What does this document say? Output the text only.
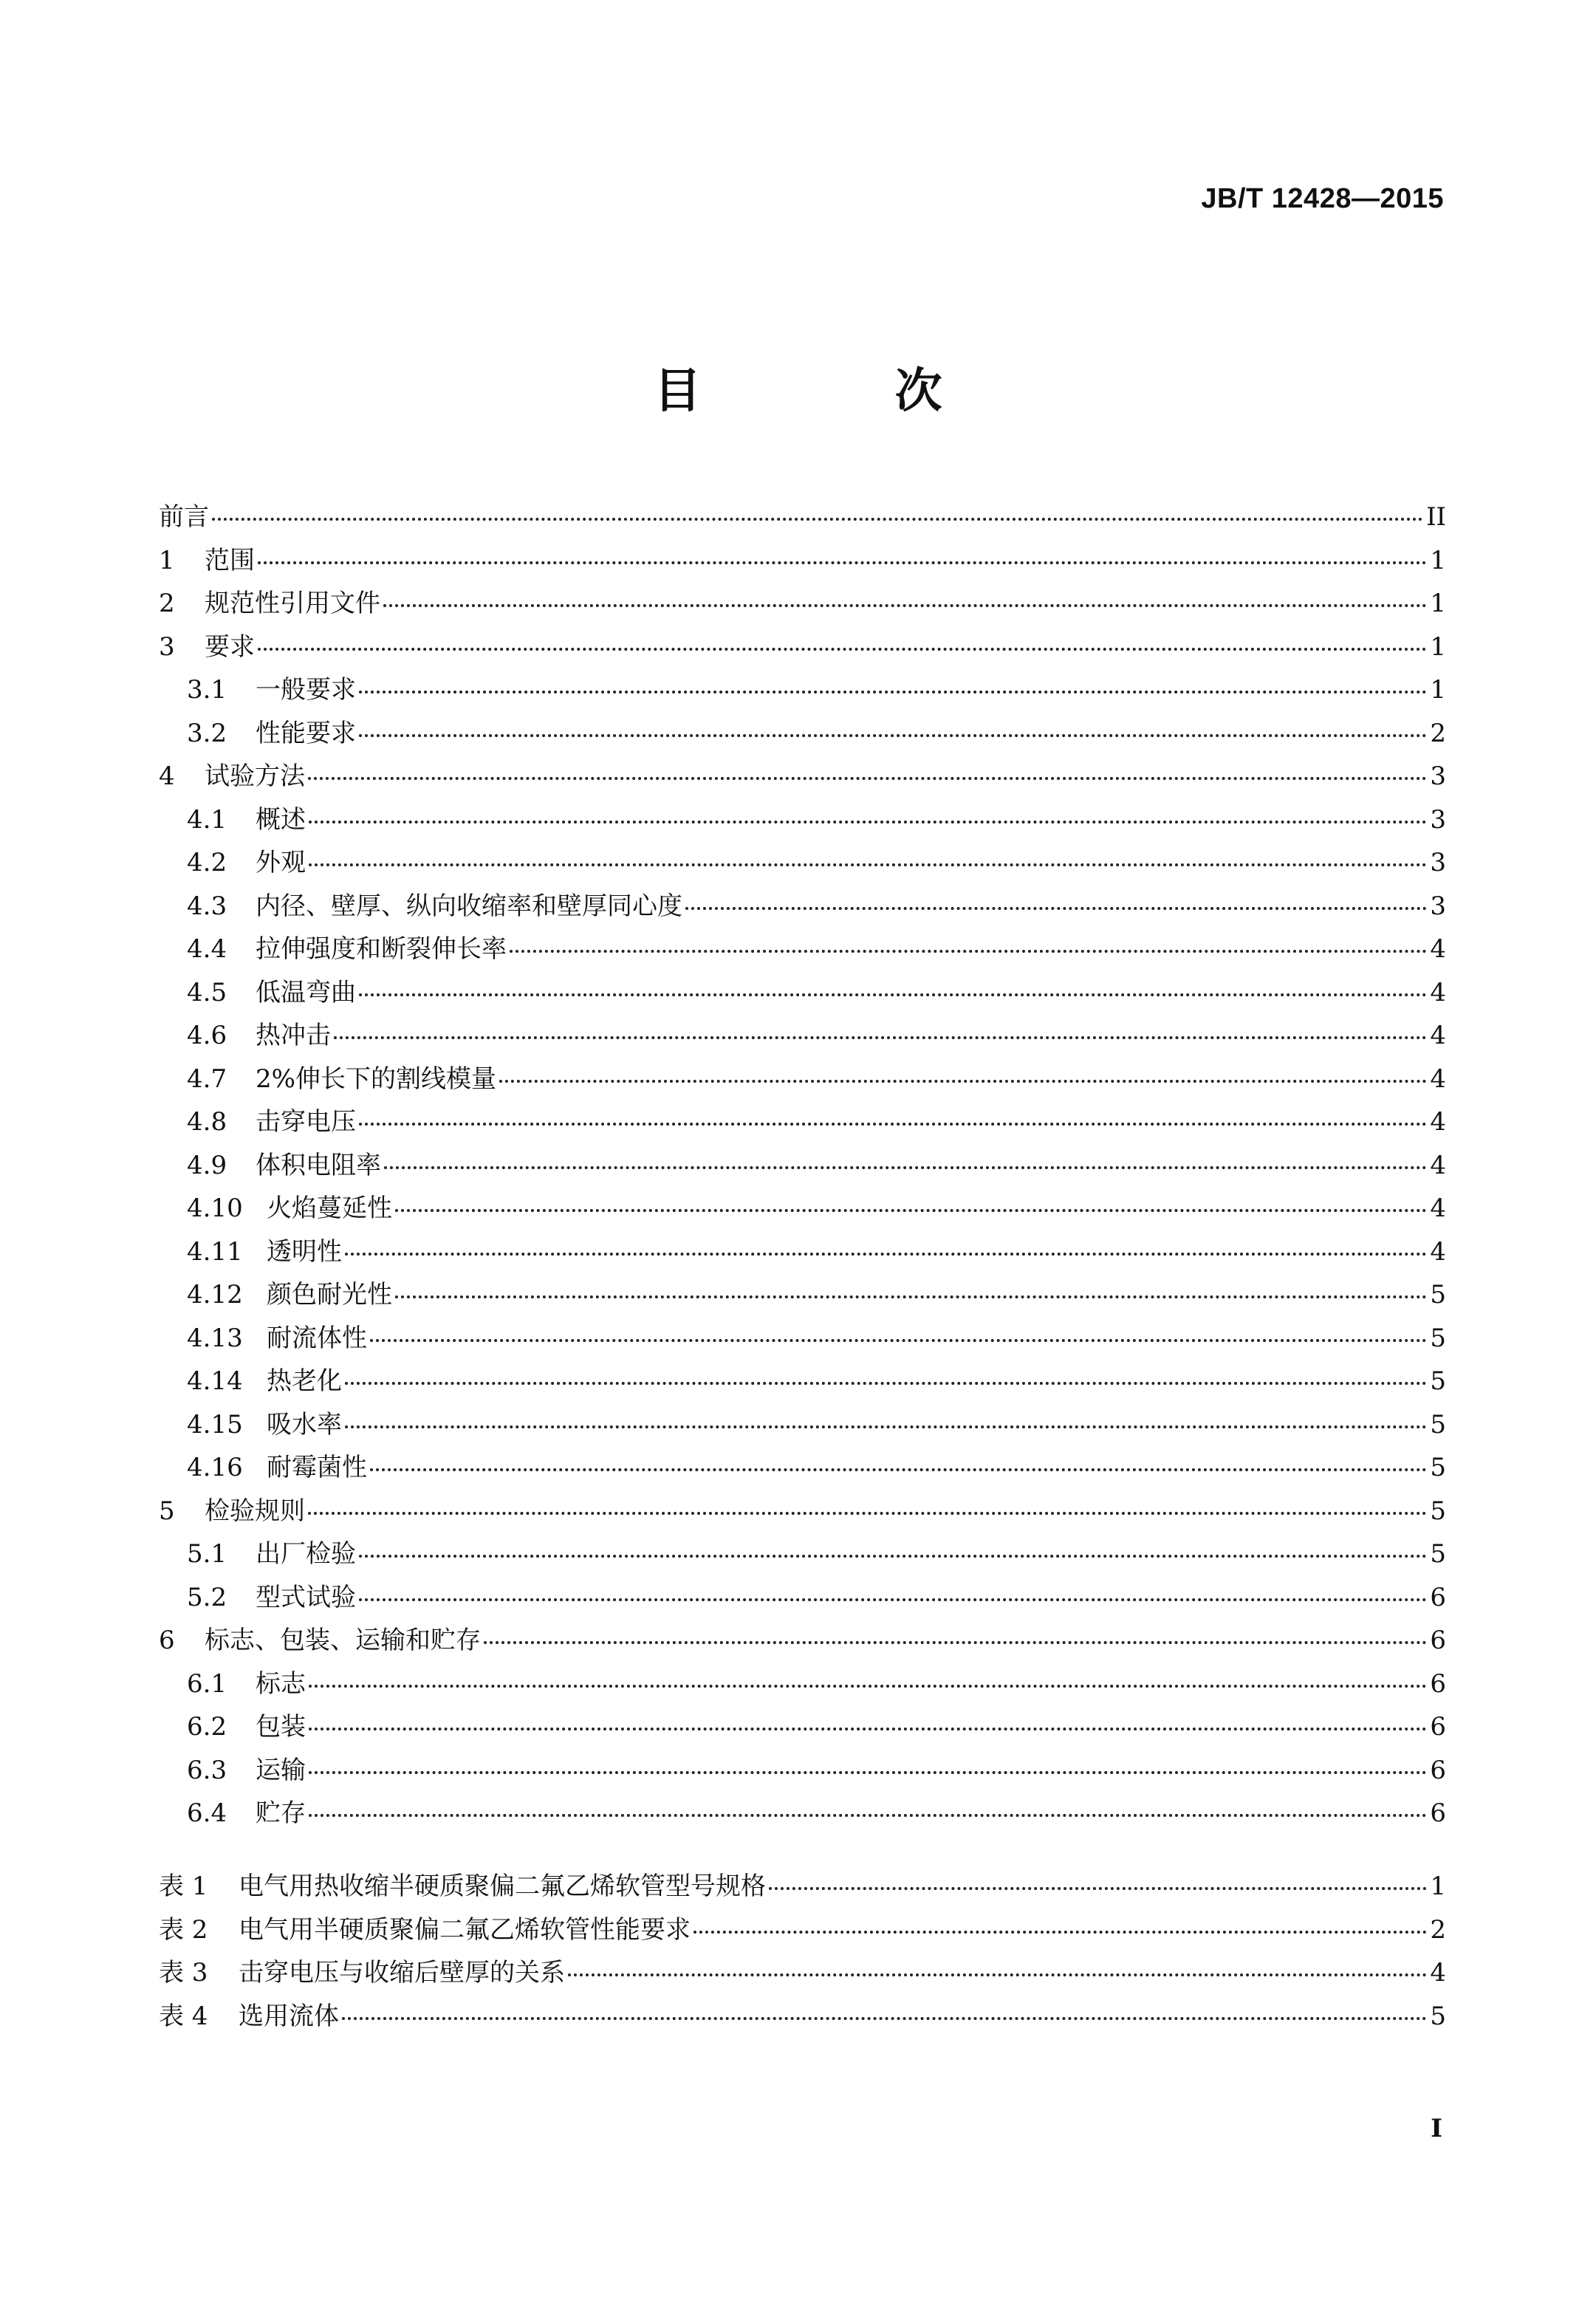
JB/T 12428—2015
目 次
前言	II
1	范围	1
2	规范性引用文件	1
3	要求	1
3.1	一般要求	1
3.2	性能要求	2
4	试验方法	3
4.1	概述	3
4.2	外观	3
4.3	内径、壁厚、纵向收缩率和壁厚同心度	3
4.4	拉伸强度和断裂伸长率	4
4.5	低温弯曲	4
4.6	热冲击	4
4.7	2%伸长下的割线模量	4
4.8	击穿电压	4
4.9	体积电阻率	4
4.10 火焰蔓延性	4
4.11 透明性	4
4.12 颜色耐光性	5
4.13 耐流体性	5
4.14 热老化	5
4.15 吸水率	5
4.16 耐霉菌性	5
5	检验规则	5
5.1	出厂检验	5
5.2	型式试验	6
6	标志、包装、运输和贮存	6
6.1	标志	6
6.2	包装	6
6.3	运输	6
6.4	贮存	6
表 1	电气用热收缩半硬质聚偏二氟乙烯软管型号规格	1
表 2	电气用半硬质聚偏二氟乙烯软管性能要求	2
表 3	击穿电压与收缩后壁厚的关系	4
表 4	选用流体	5
I
